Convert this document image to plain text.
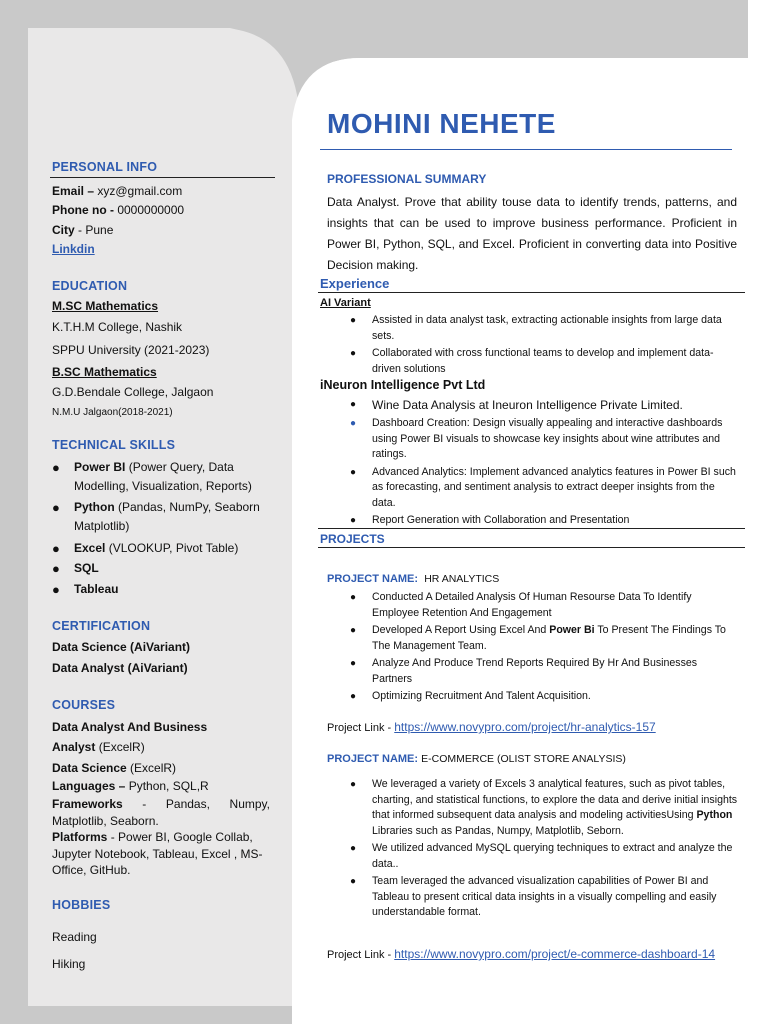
PERSONAL INFO
Email – xyz@gmail.com
Phone no - 0000000000
City - Pune
Linkdin
EDUCATION
M.SC Mathematics
K.T.H.M College, Nashik
SPPU University (2021-2023)
B.SC Mathematics
G.D.Bendale College, Jalgaon
N.M.U Jalgaon(2018-2021)
TECHNICAL SKILLS
● Power BI (Power Query, Data Modelling, Visualization, Reports)
● Python (Pandas, NumPy, Seaborn Matplotlib)
● Excel (VLOOKUP, Pivot Table)
● SQL
● Tableau
CERTIFICATION
Data Science (AiVariant)
Data Analyst (AiVariant)
COURSES
Data Analyst And Business
Analyst (ExcelR)
Data Science (ExcelR)
Languages – Python, SQL,R
Frameworks - Pandas, Numpy, Matplotlib, Seaborn.
Platforms - Power BI, Google Collab, Jupyter Notebook, Tableau, Excel , MS-Office, GitHub.
HOBBIES
Reading
Hiking
MOHINI NEHETE
PROFESSIONAL SUMMARY
Data Analyst. Prove that ability touse data to identify trends, patterns, and insights that can be used to improve business performance. Proficient in Power BI, Python, SQL, and Excel. Proficient in converting data into Positive Decision making.
Experience
AI Variant
● Assisted in data analyst task, extracting actionable insights from large data sets.
● Collaborated with cross functional teams to develop and implement data-driven solutions
iNeuron Intelligence Pvt Ltd
● Wine Data Analysis at Ineuron Intelligence Private Limited.
● Dashboard Creation: Design visually appealing and interactive dashboards using Power BI visuals to showcase key insights about wine attributes and ratings.
● Advanced Analytics: Implement advanced analytics features in Power BI such as forecasting, and sentiment analysis to extract deeper insights from the data.
● Report Generation with Collaboration and Presentation
PROJECTS
PROJECT NAME: HR ANALYTICS
● Conducted A Detailed Analysis Of Human Resourse Data To Identify Employee Retention And Engagement
● Developed A Report Using Excel And Power Bi To Present The Findings To The Management Team.
● Analyze And Produce Trend Reports Required By Hr And Businesses Partners
● Optimizing Recruitment And Talent Acquisition.
Project Link - https://www.novypro.com/project/hr-analytics-157
PROJECT NAME: E-COMMERCE (OLIST STORE ANALYSIS)
● We leveraged a variety of Excels 3 analytical features, such as pivot tables, charting, and statistical functions, to explore the data and derive initial insights that informed subsequent data analysis and modeling activitiesUsing Python Libraries such as Pandas, Numpy, Matplotlib, Seborn.
● We utilized advanced MySQL querying techniques to extract and analyze the data..
● Team leveraged the advanced visualization capabilities of Power BI and Tableau to present critical data insights in a visually compelling and easily understandable format.
Project Link - https://www.novypro.com/project/e-commerce-dashboard-14
